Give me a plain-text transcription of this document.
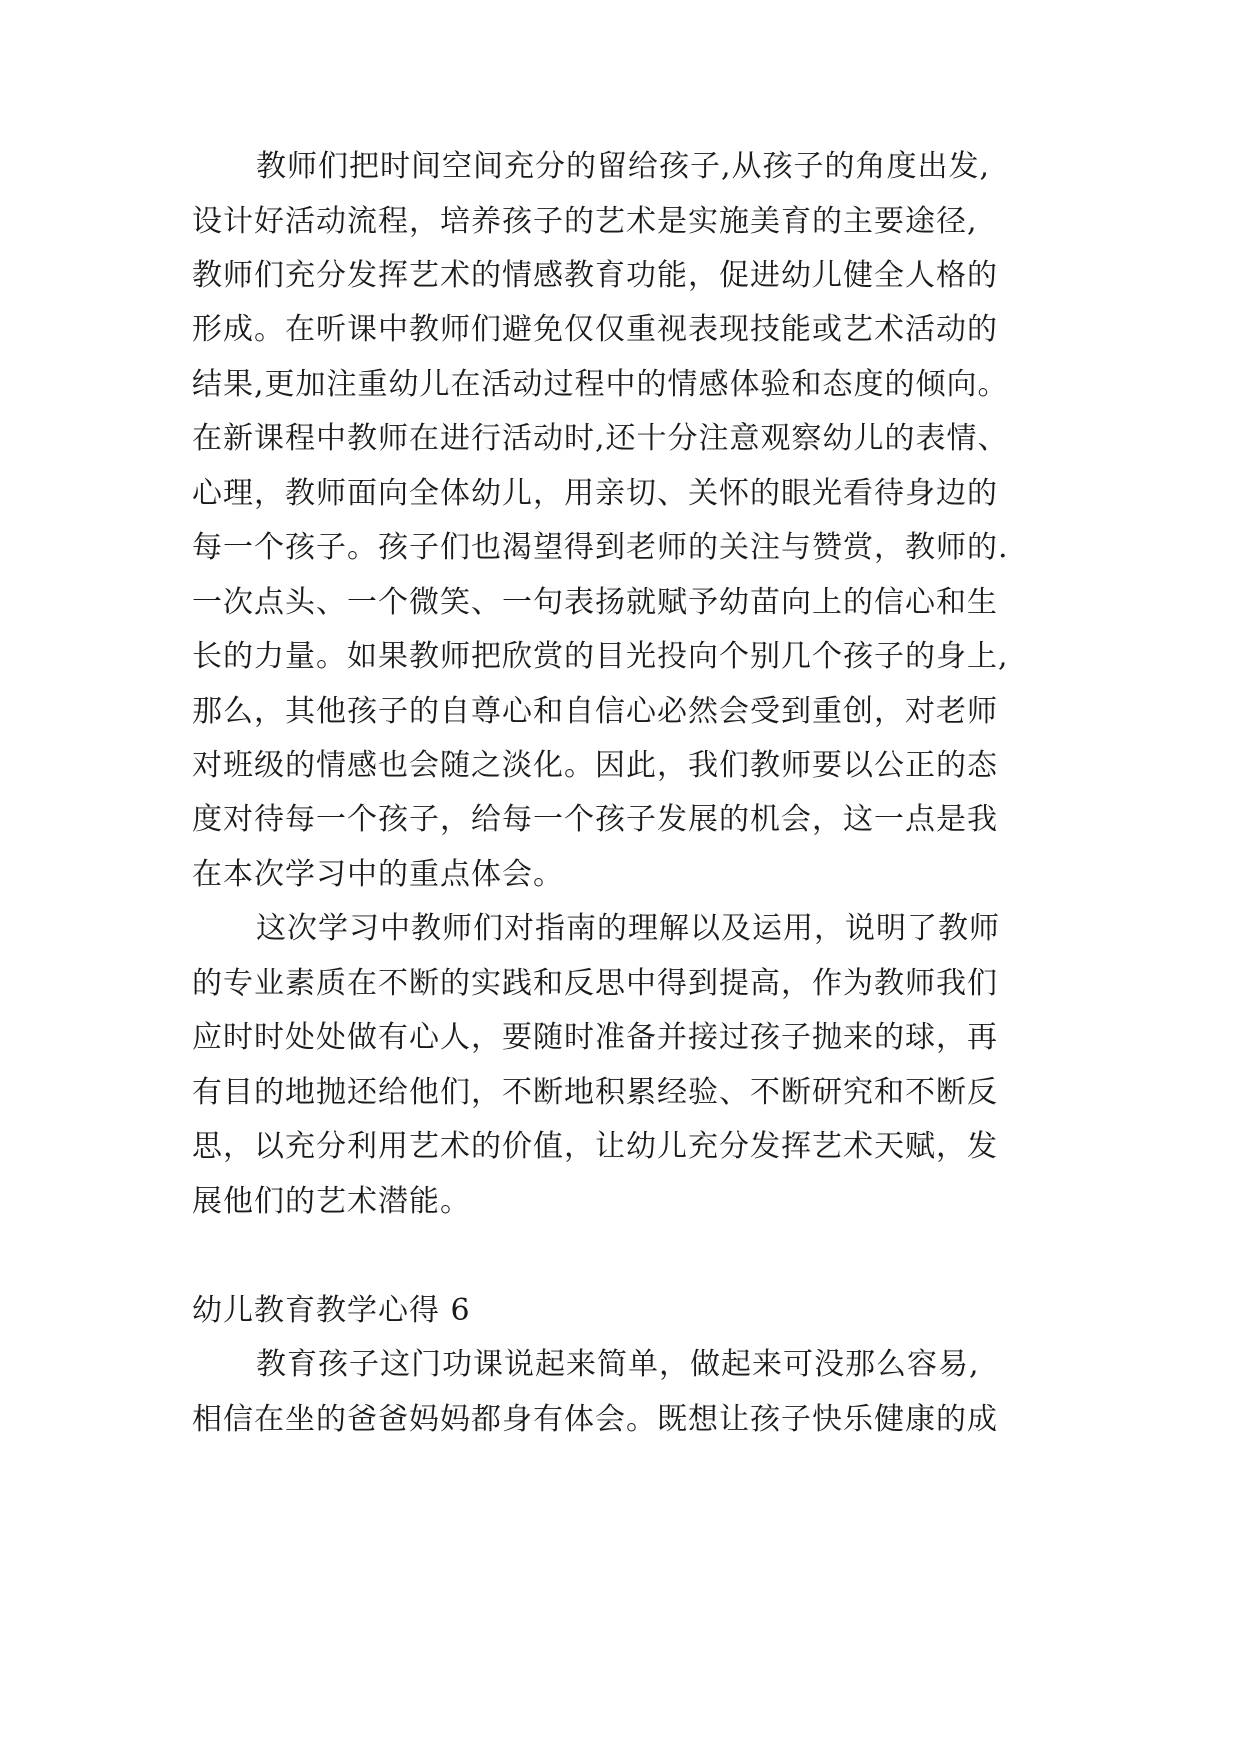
教师们把时间空间充分的留给孩子,从孩子的角度出发,
设计好活动流程，培养孩子的艺术是实施美育的主要途径,
教师们充分发挥艺术的情感教育功能，促进幼儿健全人格的
形成。在听课中教师们避免仅仅重视表现技能或艺术活动的
结果,更加注重幼儿在活动过程中的情感体验和态度的倾向。
在新课程中教师在进行活动时,还十分注意观察幼儿的表情、
心理，教师面向全体幼儿，用亲切、关怀的眼光看待身边的
每一个孩子。孩子们也渴望得到老师的关注与赞赏，教师的.
一次点头、一个微笑、一句表扬就赋予幼苗向上的信心和生
长的力量。如果教师把欣赏的目光投向个别几个孩子的身上,
那么，其他孩子的自尊心和自信心必然会受到重创，对老师
对班级的情感也会随之淡化。因此，我们教师要以公正的态
度对待每一个孩子，给每一个孩子发展的机会，这一点是我
在本次学习中的重点体会。
这次学习中教师们对指南的理解以及运用，说明了教师
的专业素质在不断的实践和反思中得到提高，作为教师我们
应时时处处做有心人，要随时准备并接过孩子抛来的球，再
有目的地抛还给他们，不断地积累经验、不断研究和不断反
思，以充分利用艺术的价值，让幼儿充分发挥艺术天赋，发
展他们的艺术潜能。
幼儿教育教学心得 6
教育孩子这门功课说起来简单，做起来可没那么容易,
相信在坐的爸爸妈妈都身有体会。既想让孩子快乐健康的成
